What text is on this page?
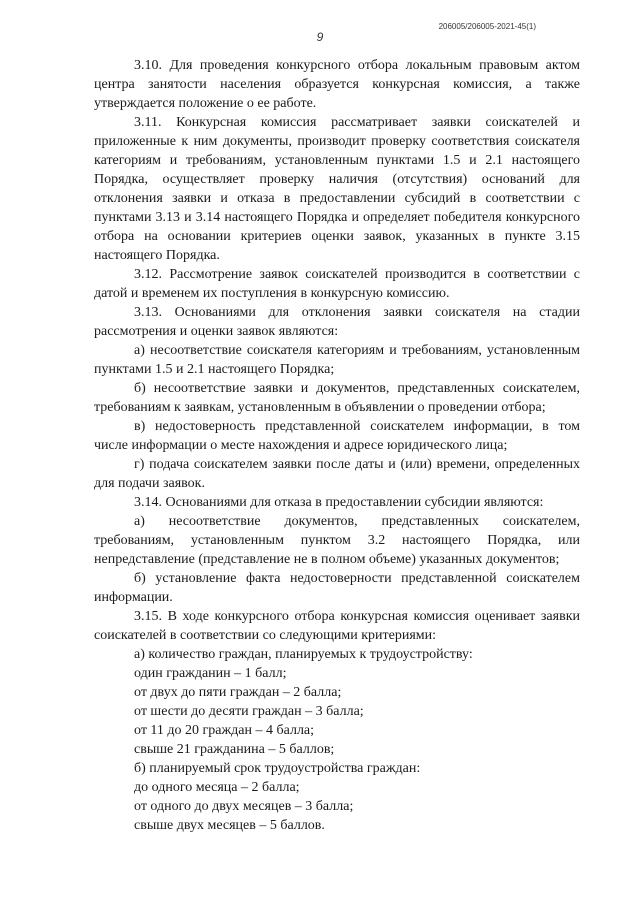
9
206005/206005-2021-45(1)

3.10. Для проведения конкурсного отбора локальным правовым актом центра занятости населения образуется конкурсная комиссия, а также утверждается положение о ее работе.

3.11. Конкурсная комиссия рассматривает заявки соискателей и приложенные к ним документы, производит проверку соответствия соискателя категориям и требованиям, установленным пунктами 1.5 и 2.1 настоящего Порядка, осуществляет проверку наличия (отсутствия) оснований для отклонения заявки и отказа в предоставлении субсидий в соответствии с пунктами 3.13 и 3.14 настоящего Порядка и определяет победителя конкурсного отбора на основании критериев оценки заявок, указанных в пункте 3.15 настоящего Порядка.

3.12. Рассмотрение заявок соискателей производится в соответствии с датой и временем их поступления в конкурсную комиссию.

3.13. Основаниями для отклонения заявки соискателя на стадии рассмотрения и оценки заявок являются:

а) несоответствие соискателя категориям и требованиям, установленным пунктами 1.5 и 2.1 настоящего Порядка;

б) несоответствие заявки и документов, представленных соискателем, требованиям к заявкам, установленным в объявлении о проведении отбора;

в) недостоверность представленной соискателем информации, в том числе информации о месте нахождения и адресе юридического лица;

г) подача соискателем заявки после даты и (или) времени, определенных для подачи заявок.

3.14. Основаниями для отказа в предоставлении субсидии являются:

а) несоответствие документов, представленных соискателем, требованиям, установленным пунктом 3.2 настоящего Порядка, или непредставление (представление не в полном объеме) указанных документов;

б) установление факта недостоверности представленной соискателем информации.

3.15. В ходе конкурсного отбора конкурсная комиссия оценивает заявки соискателей в соответствии со следующими критериями:

а) количество граждан, планируемых к трудоустройству:

один гражданин – 1 балл;

от двух до пяти граждан – 2 балла;

от шести до десяти граждан – 3 балла;

от 11 до 20 граждан – 4 балла;

свыше 21 гражданина – 5 баллов;

б) планируемый срок трудоустройства граждан:

до одного месяца – 2 балла;

от одного до двух месяцев – 3 балла;

свыше двух месяцев – 5 баллов.
